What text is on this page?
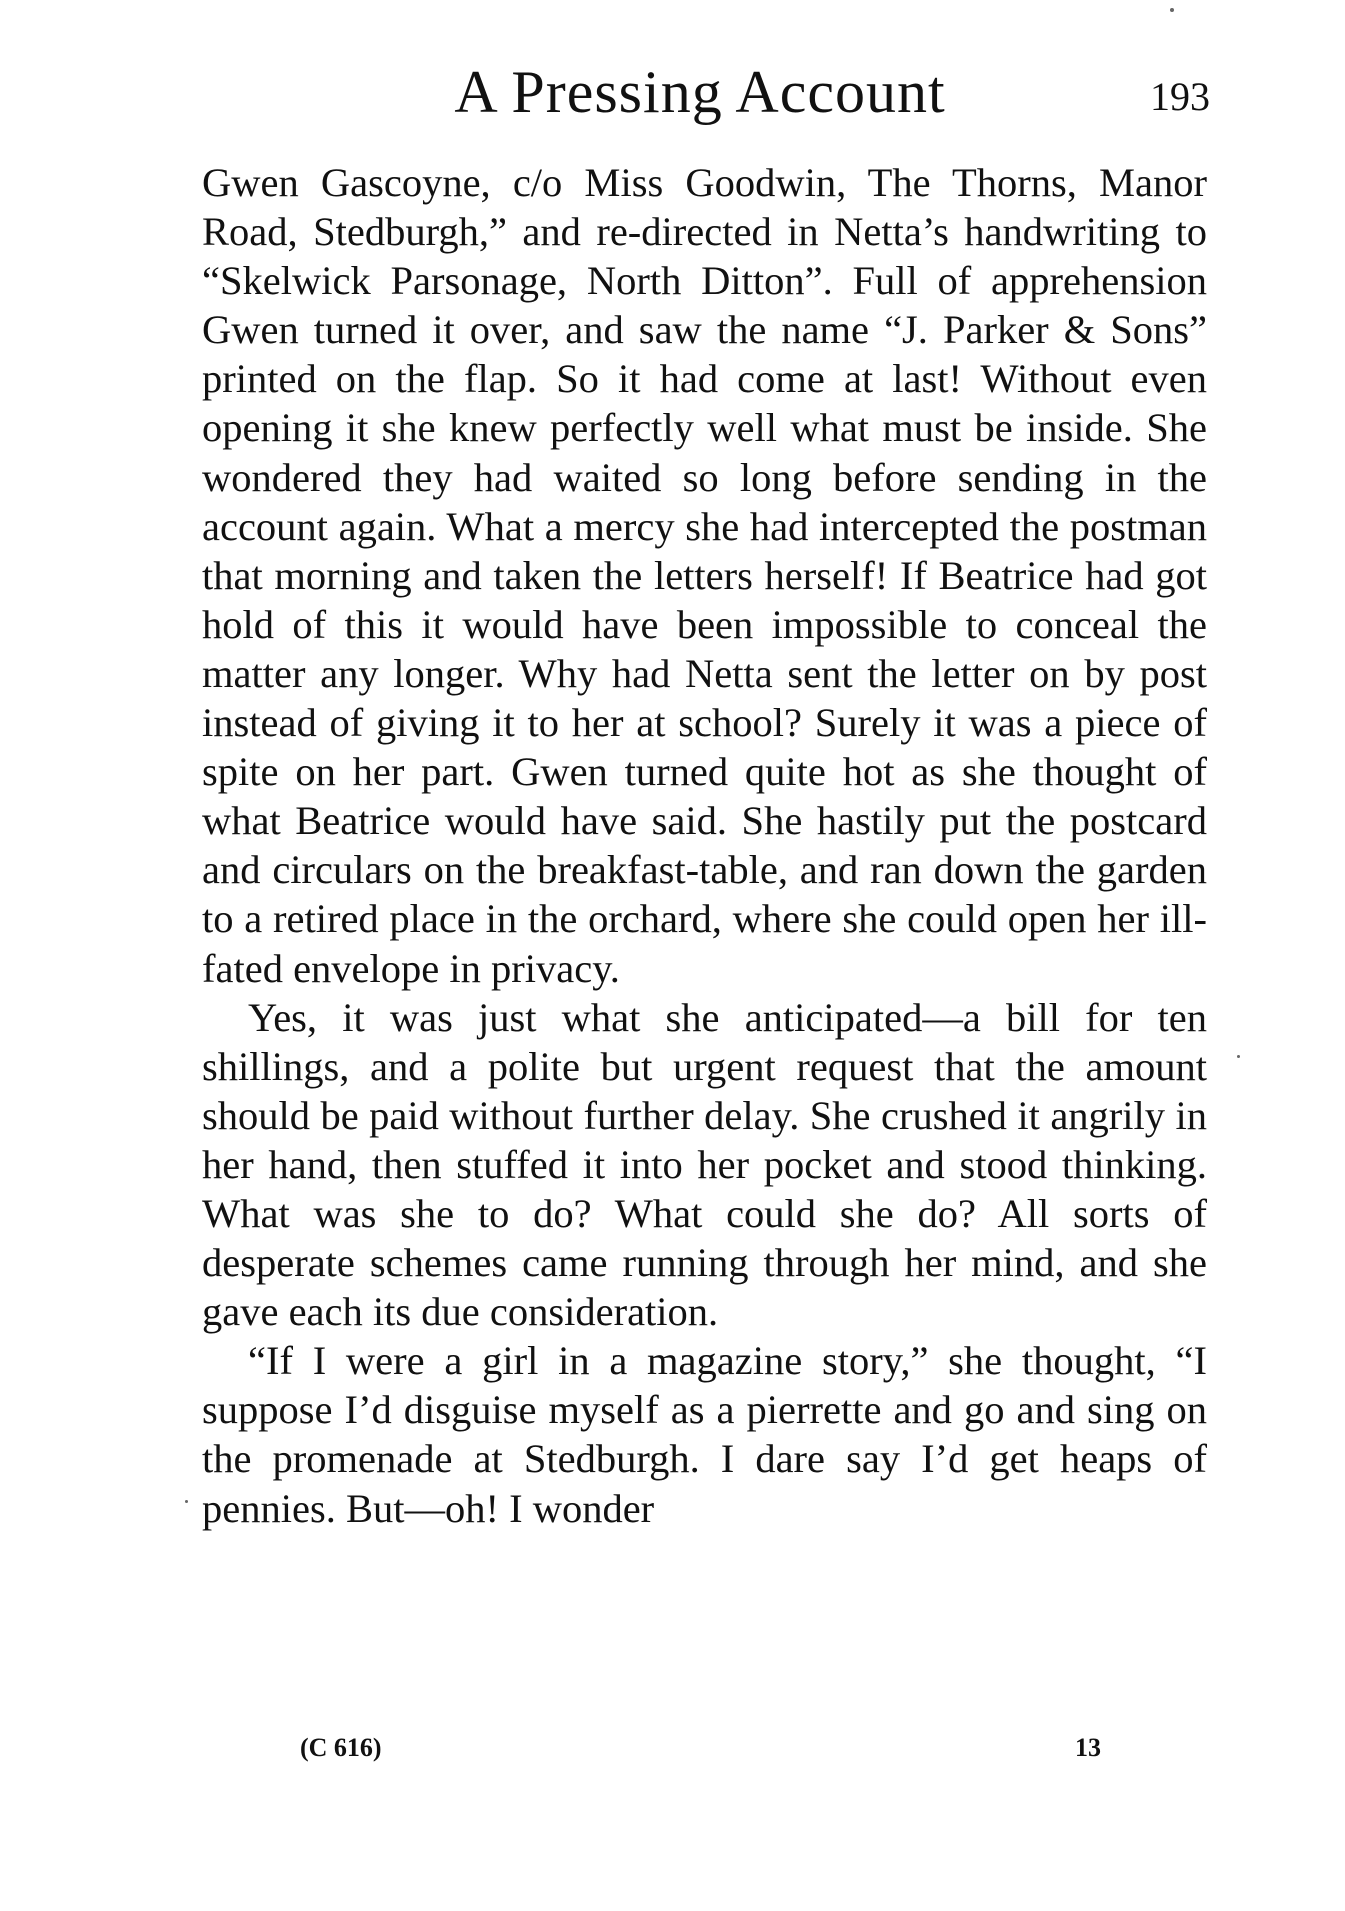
A Pressing Account	193

Gwen Gascoyne, c/o Miss Goodwin, The Thorns, Manor Road, Stedburgh,” and re-directed in Netta’s handwriting to “Skelwick Parsonage, North Ditton”. Full of apprehension Gwen turned it over, and saw the name “J. Parker & Sons” printed on the flap. So it had come at last! Without even opening it she knew perfectly well what must be inside. She wondered they had waited so long before sending in the account again. What a mercy she had intercepted the postman that morning and taken the letters herself! If Beatrice had got hold of this it would have been impossible to conceal the matter any longer. Why had Netta sent the letter on by post instead of giving it to her at school? Surely it was a piece of spite on her part. Gwen turned quite hot as she thought of what Beatrice would have said. She hastily put the postcard and circulars on the breakfast-table, and ran down the garden to a retired place in the orchard, where she could open her ill-fated envelope in privacy.

Yes, it was just what she anticipated—a bill for ten shillings, and a polite but urgent request that the amount should be paid without further delay. She crushed it angrily in her hand, then stuffed it into her pocket and stood thinking. What was she to do? What could she do? All sorts of desperate schemes came running through her mind, and she gave each its due consideration.

“If I were a girl in a magazine story,” she thought, “I suppose I’d disguise myself as a pierrette and go and sing on the promenade at Stedburgh. I dare say I’d get heaps of pennies. But—oh! I wonder

(C 616)	13
